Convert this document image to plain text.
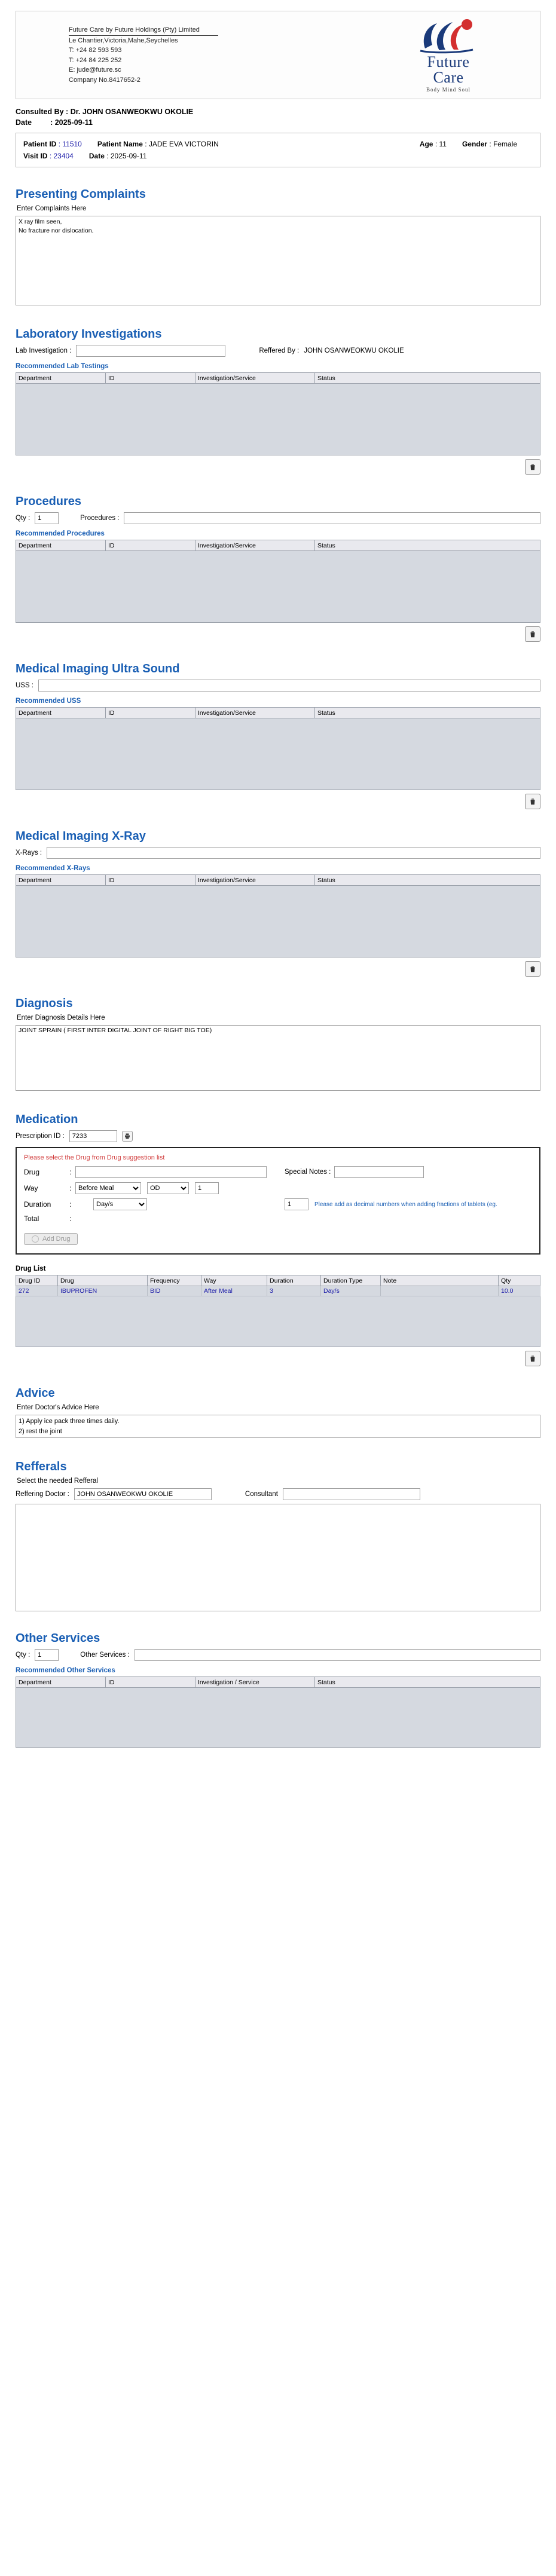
Future Care by Future Holdings (Pty) Limited
Le Chantier,Victoria,Mahe,Seychelles
T: +24 82 593 593
T: +24 84 225 252
E: jude@future.sc
Company No.8417652-2
Future
Care
Body Mind Soul
Consulted By : Dr. JOHN OSANWEOKWU OKOLIE
Date : 2025-09-11
Patient ID : 11510 Patient Name : JADE EVA VICTORIN	Age : 11 Gender : Female
Visit ID : 23404 Date : 2025-09-11
Presenting Complaints
Enter Complaints Here
X ray film seen, No fracture nor dislocation.
Laboratory Investigations
Lab Investigation :	Reffered By : JOHN OSANWEOKWU OKOLIE
Recommended Lab Testings
Department	ID	Investigation/Service	Status
Procedures
Qty :
1	Procedures :
Recommended Procedures
Department	ID	Investigation/Service	Status
Medical Imaging Ultra Sound
USS :
Recommended USS
Department	ID	Investigation/Service	Status
Medical Imaging X-Ray
X-Rays :
Recommended X-Rays
Department	ID	Investigation/Service	Status
Diagnosis
Enter Diagnosis Details Here
JOINT SPRAIN ( FIRST INTER DIGITAL JOINT OF RIGHT BIG TOE)
Medication
Prescription ID :
7233
Please select the Drug from Drug suggestion list
Drug	:	Special Notes :
Way	:
Before Meal
OD
1
Duration	:
Day/s
1	Please add as decimal numbers when adding fractions of tablets (eg.
Total	:
Add Drug
Drug List
Drug ID	Drug	Frequency	Way	Duration	Duration Type	Note	Qty
272	IBUPROFEN	BID	After Meal	3	Day/s		10.0
Advice
Enter Doctor's Advice Here
1) Apply ice pack three times daily. 2) rest the joint 3) elevate the toe intermittently.
Refferals
Select the needed Refferal
Reffering Doctor :
JOHN OSANWEOKWU OKOLIE	Consultant
Other Services
Qty :
1	Other Services :
Recommended Other Services
Department	ID	Investigation / Service	Status
